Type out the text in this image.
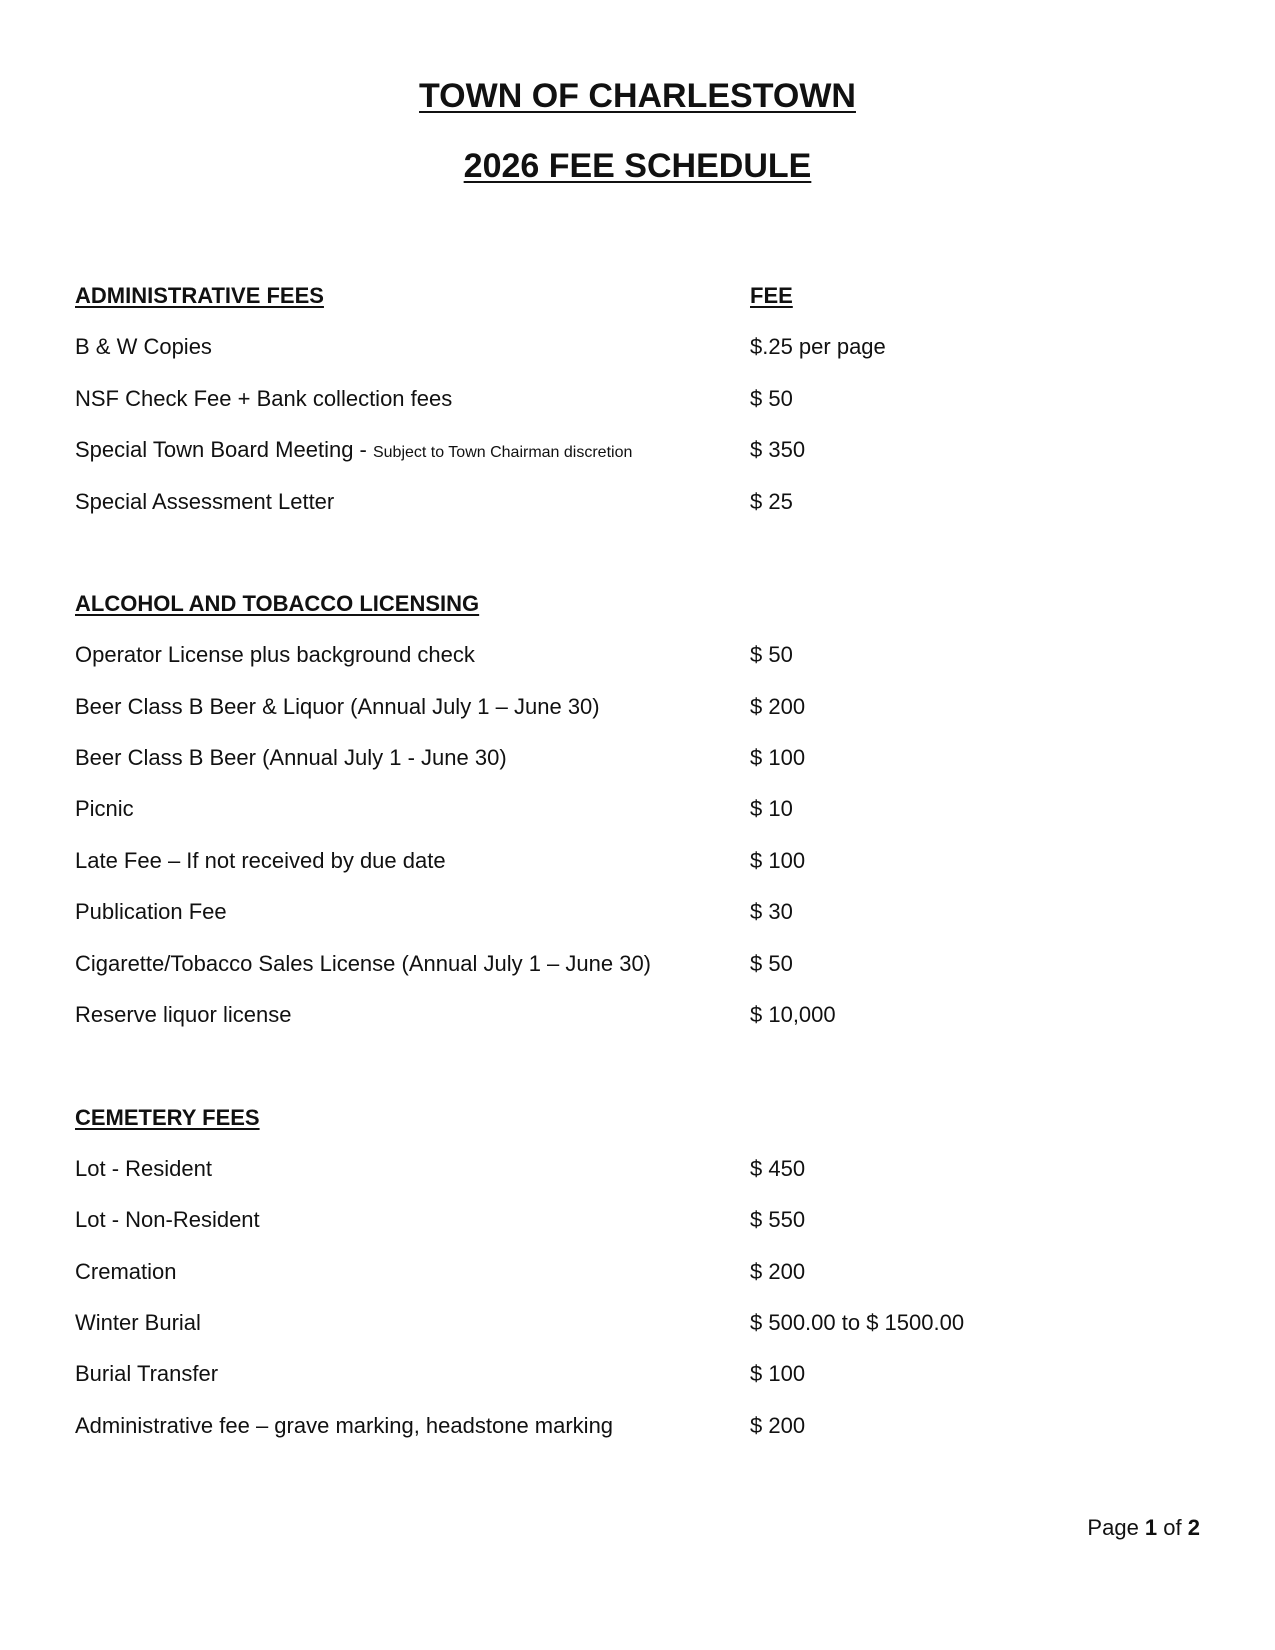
TOWN OF CHARLESTOWN
2026 FEE SCHEDULE
ADMINISTRATIVE FEES	FEE
B & W Copies	$.25 per page
NSF Check Fee + Bank collection fees	$ 50
Special Town Board Meeting - Subject to Town Chairman discretion	$ 350
Special Assessment Letter	$ 25
ALCOHOL AND TOBACCO LICENSING
Operator License plus background check	$ 50
Beer Class B Beer & Liquor (Annual July 1 – June 30)	$ 200
Beer Class B Beer (Annual July 1 - June 30)	$ 100
Picnic	$ 10
Late Fee – If not received by due date	$ 100
Publication Fee	$ 30
Cigarette/Tobacco Sales License (Annual July 1 – June 30)	$ 50
Reserve liquor license	$ 10,000
CEMETERY FEES
Lot - Resident	$ 450
Lot - Non-Resident	$ 550
Cremation	$ 200
Winter Burial	$ 500.00 to $ 1500.00
Burial Transfer	$ 100
Administrative fee – grave marking, headstone marking	$ 200
Page 1 of 2
